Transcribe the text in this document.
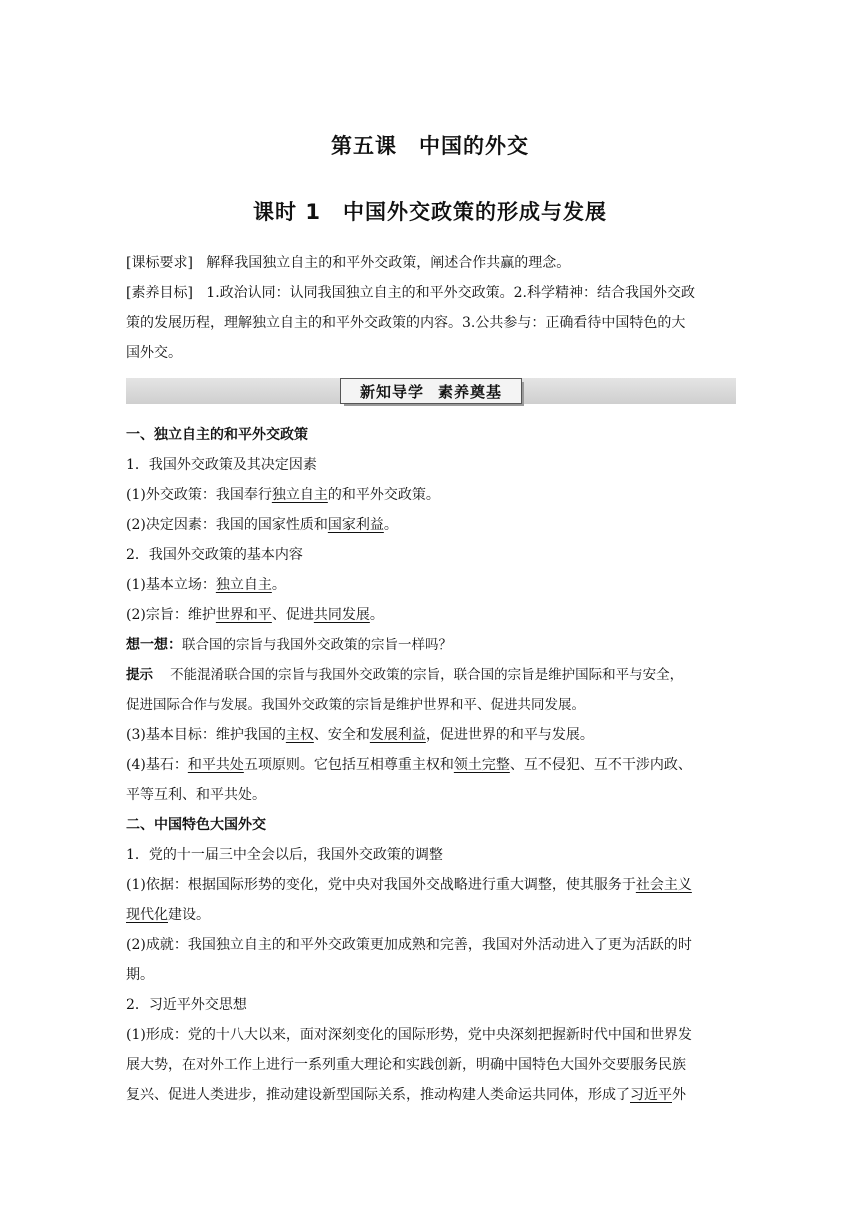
第五课 中国的外交
课时 1 中国外交政策的形成与发展
[课标要求] 解释我国独立自主的和平外交政策，阐述合作共赢的理念。
[素养目标] 1.政治认同：认同我国独立自主的和平外交政策。2.科学精神：结合我国外交政
策的发展历程，理解独立自主的和平外交政策的内容。3.公共参与：正确看待中国特色的大
国外交。
新知导学 素养奠基
一、独立自主的和平外交政策
1．我国外交政策及其决定因素
(1)外交政策：我国奉行独立自主的和平外交政策。
(2)决定因素：我国的国家性质和国家利益。
2．我国外交政策的基本内容
(1)基本立场：独立自主。
(2)宗旨：维护世界和平、促进共同发展。
想一想：联合国的宗旨与我国外交政策的宗旨一样吗？
提示 不能混淆联合国的宗旨与我国外交政策的宗旨，联合国的宗旨是维护国际和平与安全，
促进国际合作与发展。我国外交政策的宗旨是维护世界和平、促进共同发展。
(3)基本目标：维护我国的主权、安全和发展利益，促进世界的和平与发展。
(4)基石：和平共处五项原则。它包括互相尊重主权和领土完整、互不侵犯、互不干涉内政、
平等互利、和平共处。
二、中国特色大国外交
1．党的十一届三中全会以后，我国外交政策的调整
(1)依据：根据国际形势的变化，党中央对我国外交战略进行重大调整，使其服务于社会主义
现代化建设。
(2)成就：我国独立自主的和平外交政策更加成熟和完善，我国对外活动进入了更为活跃的时
期。
2．习近平外交思想
(1)形成：党的十八大以来，面对深刻变化的国际形势，党中央深刻把握新时代中国和世界发
展大势，在对外工作上进行一系列重大理论和实践创新，明确中国特色大国外交要服务民族
复兴、促进人类进步，推动建设新型国际关系，推动构建人类命运共同体，形成了习近平外
